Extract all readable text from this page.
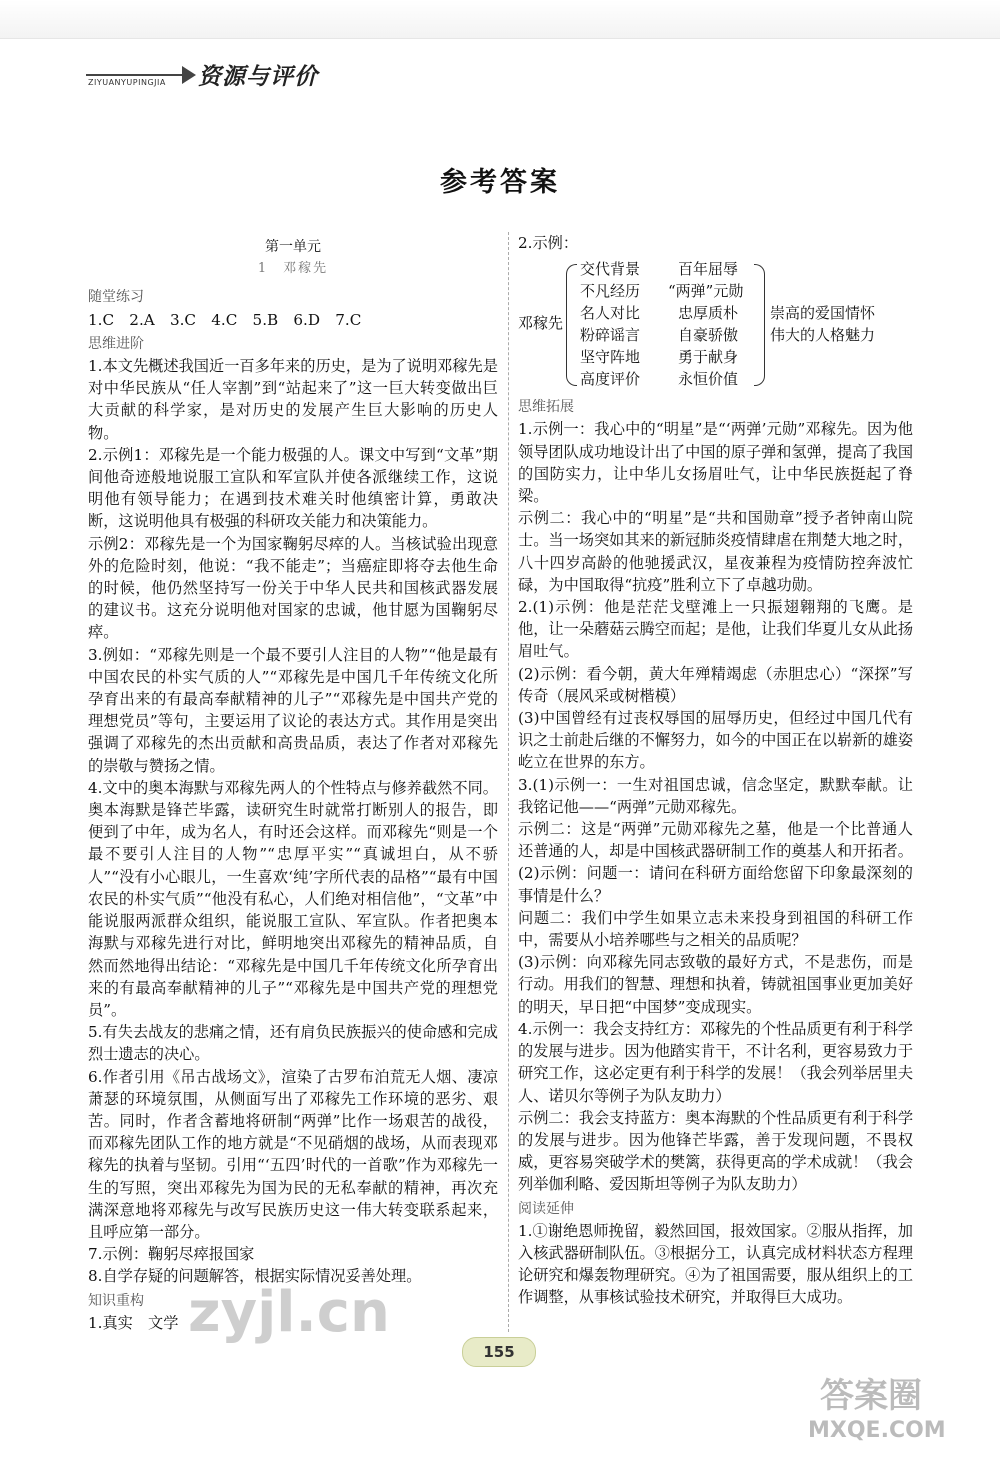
ZIYUANYUPINGJIA 资源与评价
参考答案

第一单元

1　邓稼先

随堂练习

1.C　2.A　3.C　4.C　5.B　6.D　7.C

思维进阶

1.本文先概述我国近一百多年来的历史，是为了说明邓稼先是对中华民族从“任人宰割”到“站起来了”这一巨大转变做出巨大贡献的科学家，是对历史的发展产生巨大影响的历史人物。

2.示例1：邓稼先是一个能力极强的人。课文中写到“文革”期间他奇迹般地说服工宣队和军宣队并使各派继续工作，这说明他有领导能力；在遇到技术难关时他缜密计算，勇敢决断，这说明他具有极强的科研攻关能力和决策能力。

示例2：邓稼先是一个为国家鞠躬尽瘁的人。当核试验出现意外的危险时刻，他说：“我不能走”；当癌症即将夺去他生命的时候，他仍然坚持写一份关于中华人民共和国核武器发展的建议书。这充分说明他对国家的忠诚，他甘愿为国鞠躬尽瘁。

3.例如：“邓稼先则是一个最不要引人注目的人物”“他是最有中国农民的朴实气质的人”“邓稼先是中国几千年传统文化所孕育出来的有最高奉献精神的儿子”“邓稼先是中国共产党的理想党员”等句，主要运用了议论的表达方式。其作用是突出强调了邓稼先的杰出贡献和高贵品质，表达了作者对邓稼先的崇敬与赞扬之情。

4.文中的奥本海默与邓稼先两人的个性特点与修养截然不同。奥本海默是锋芒毕露，读研究生时就常打断别人的报告，即便到了中年，成为名人，有时还会这样。而邓稼先“则是一个最不要引人注目的人物”“忠厚平实”“真诚坦白，从不骄人”“没有小心眼儿，一生喜欢‘纯’字所代表的品格”“最有中国农民的朴实气质”“他没有私心，人们绝对相信他”，“文革”中能说服两派群众组织，能说服工宣队、军宣队。作者把奥本海默与邓稼先进行对比，鲜明地突出邓稼先的精神品质，自然而然地得出结论：“邓稼先是中国几千年传统文化所孕育出来的有最高奉献精神的儿子”“邓稼先是中国共产党的理想党员”。

5.有失去战友的悲痛之情，还有肩负民族振兴的使命感和完成烈士遗志的决心。

6.作者引用《吊古战场文》，渲染了古罗布泊荒无人烟、凄凉萧瑟的环境氛围，从侧面写出了邓稼先工作环境的恶劣、艰苦。同时，作者含蓄地将研制“两弹”比作一场艰苦的战役，而邓稼先团队工作的地方就是“不见硝烟的战场，从而表现邓稼先的执着与坚韧。引用“‘五四’时代的一首歌”作为邓稼先一生的写照，突出邓稼先为国为民的无私奉献的精神，再次充满深意地将邓稼先与改写民族历史这一伟大转变联系起来，且呼应第一部分。

7.示例：鞠躬尽瘁报国家

8.自学存疑的问题解答，根据实际情况妥善处理。

知识重构

1.真实　文学

2.示例：

邓稼先
交代背景
不凡经历
名人对比
粉碎谣言
坚守阵地
高度评价
百年屈辱
“两弹”元勋
忠厚质朴
自豪骄傲
勇于献身
永恒价值
崇高的爱国情怀
伟大的人格魅力

思维拓展

1.示例一：我心中的“明星”是“‘两弹’元勋”邓稼先。因为他领导团队成功地设计出了中国的原子弹和氢弹，提高了我国的国防实力，让中华儿女扬眉吐气，让中华民族挺起了脊梁。

示例二：我心中的“明星”是“共和国勋章”授予者钟南山院士。当一场突如其来的新冠肺炎疫情肆虐在荆楚大地之时，八十四岁高龄的他驰援武汉，星夜兼程为疫情防控奔波忙碌，为中国取得“抗疫”胜利立下了卓越功勋。

2.(1)示例：他是茫茫戈壁滩上一只振翅翱翔的飞鹰。是他，让一朵蘑菇云腾空而起；是他，让我们华夏儿女从此扬眉吐气。

(2)示例：看今朝，黄大年殚精竭虑（赤胆忠心）“深探”写传奇（展风采或树楷模）

(3)中国曾经有过丧权辱国的屈辱历史，但经过中国几代有识之士前赴后继的不懈努力，如今的中国正在以崭新的雄姿屹立在世界的东方。

3.(1)示例一：一生对祖国忠诚，信念坚定，默默奉献。让我铭记他——“两弹”元勋邓稼先。

示例二：这是“两弹”元勋邓稼先之墓，他是一个比普通人还普通的人，却是中国核武器研制工作的奠基人和开拓者。

(2)示例：问题一：请问在科研方面给您留下印象最深刻的事情是什么？

问题二：我们中学生如果立志未来投身到祖国的科研工作中，需要从小培养哪些与之相关的品质呢？

(3)示例：向邓稼先同志致敬的最好方式，不是悲伤，而是行动。用我们的智慧、理想和执着，铸就祖国事业更加美好的明天，早日把“中国梦”变成现实。

4.示例一：我会支持红方：邓稼先的个性品质更有利于科学的发展与进步。因为他踏实肯干，不计名利，更容易致力于研究工作，这必定更有利于科学的发展！（我会列举居里夫人、诺贝尔等例子为队友助力）

示例二：我会支持蓝方：奥本海默的个性品质更有利于科学的发展与进步。因为他锋芒毕露，善于发现问题，不畏权威，更容易突破学术的樊篱，获得更高的学术成就！（我会列举伽利略、爱因斯坦等例子为队友助力）

阅读延伸

1.①谢绝恩师挽留，毅然回国，报效国家。②服从指挥，加入核武器研制队伍。③根据分工，认真完成材料状态方程理论研究和爆轰物理研究。④为了祖国需要，服从组织上的工作调整，从事核试验技术研究，并取得巨大成功。

155
zyjl.cn
答案圈
MXQE.COM
